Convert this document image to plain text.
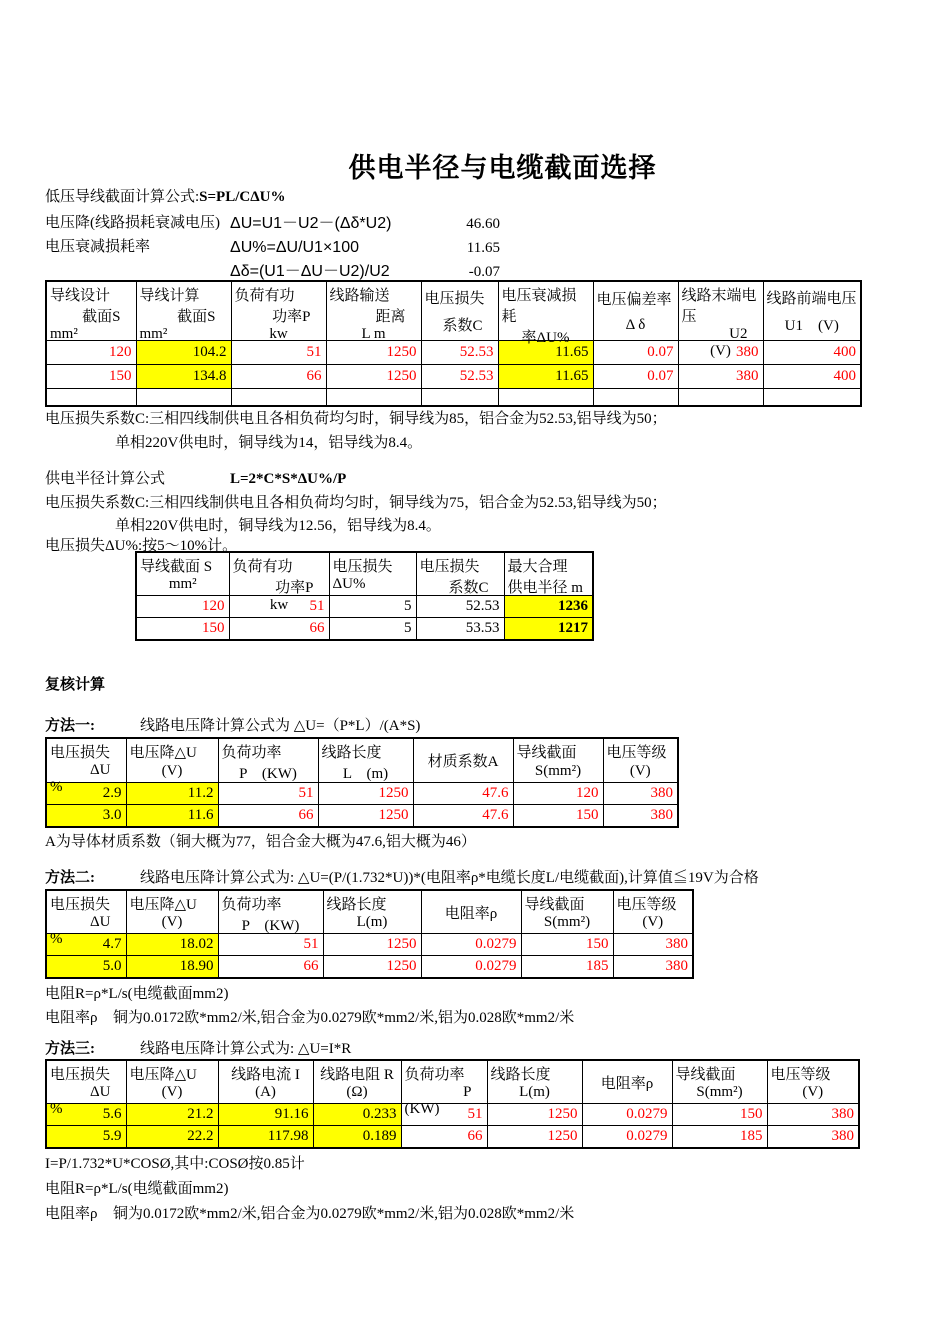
供电半径与电缆截面选择
低压导线截面计算公式:S=PL/CΔU%
电压降(线路损耗衰减电压) ΔU=U1－U2－(Δδ*U2)	46.60
电压衰减损耗率	ΔU%=ΔU/U1×100	11.65
Δδ=(U1－ΔU－U2)/U2	-0.07
导线设计
截面S
mm²

导线计算
截面S
mm²

负荷有功
功率P
kw

线路输送
距离
L m

电压损失
系数C

电压衰减损耗
率ΔU%

电压偏差率
Δ δ

线路末端电压
U2
(V)

线路前端电压
U1　(V)

120	104.2	51	1250	52.53	11.65	0.07	380	400
150	134.8	66	1250	52.53	11.65	0.07	380	400

电压损失系数C:三相四线制供电且各相负荷均匀时，铜导线为85，铝合金为52.53,铝导线为50；
单相220V供电时，铜导线为14，铝导线为8.4。
供电半径计算公式	L=2*C*S*ΔU%/P
电压损失系数C:三相四线制供电且各相负荷均匀时，铜导线为75，铝合金为52.53,铝导线为50；
单相220V供电时，铜导线为12.56，铝导线为8.4。
电压损失ΔU%:按5～10%计。
导线截面 S
mm²

负荷有功
功率P
kw

电压损失
ΔU%

电压损失
系数C

最大合理
供电半径 m

120	51	5	52.53	1236
150	66	5	53.53	1217
复核计算
方法一:	线路电压降计算公式为 △U=（P*L）/(A*S)
电压损失
ΔU
%

电压降△U
(V)

负荷功率
P　(KW)

线路长度
L　(m)

材质系数A

导线截面
S(mm²)

电压等级
(V)

2.9	11.2	51	1250	47.6	120	380
3.0	11.6	66	1250	47.6	150	380
A为导体材质系数（铜大概为77，铝合金大概为47.6,铝大概为46）
方法二:	线路电压降计算公式为: △U=(P/(1.732*U))*(电阻率ρ*电缆长度L/电缆截面),计算值≦19V为合格
电压损失
ΔU
%

电压降△U
(V)

负荷功率
P　(KW)

线路长度
L(m)

电阻率ρ

导线截面
S(mm²)

电压等级
(V)

4.7	18.02	51	1250	0.0279	150	380
5.0	18.90	66	1250	0.0279	185	380
电阻R=ρ*L/s(电缆截面mm2)
电阻率ρ 铜为0.0172欧*mm2/米,铝合金为0.0279欧*mm2/米,铝为0.028欧*mm2/米
方法三:	线路电压降计算公式为: △U=I*R
电压损失
ΔU
%

电压降△U
(V)

线路电流 I
(A)

线路电阻 R
(Ω)

负荷功率
P
(KW)

线路长度
L(m)

电阻率ρ

导线截面
S(mm²)

电压等级
(V)

5.6	21.2	91.16	0.233	51	1250	0.0279	150	380
5.9	22.2	117.98	0.189	66	1250	0.0279	185	380
I=P/1.732*U*COSØ,其中:COSØ按0.85计
电阻R=ρ*L/s(电缆截面mm2)
电阻率ρ 铜为0.0172欧*mm2/米,铝合金为0.0279欧*mm2/米,铝为0.028欧*mm2/米
